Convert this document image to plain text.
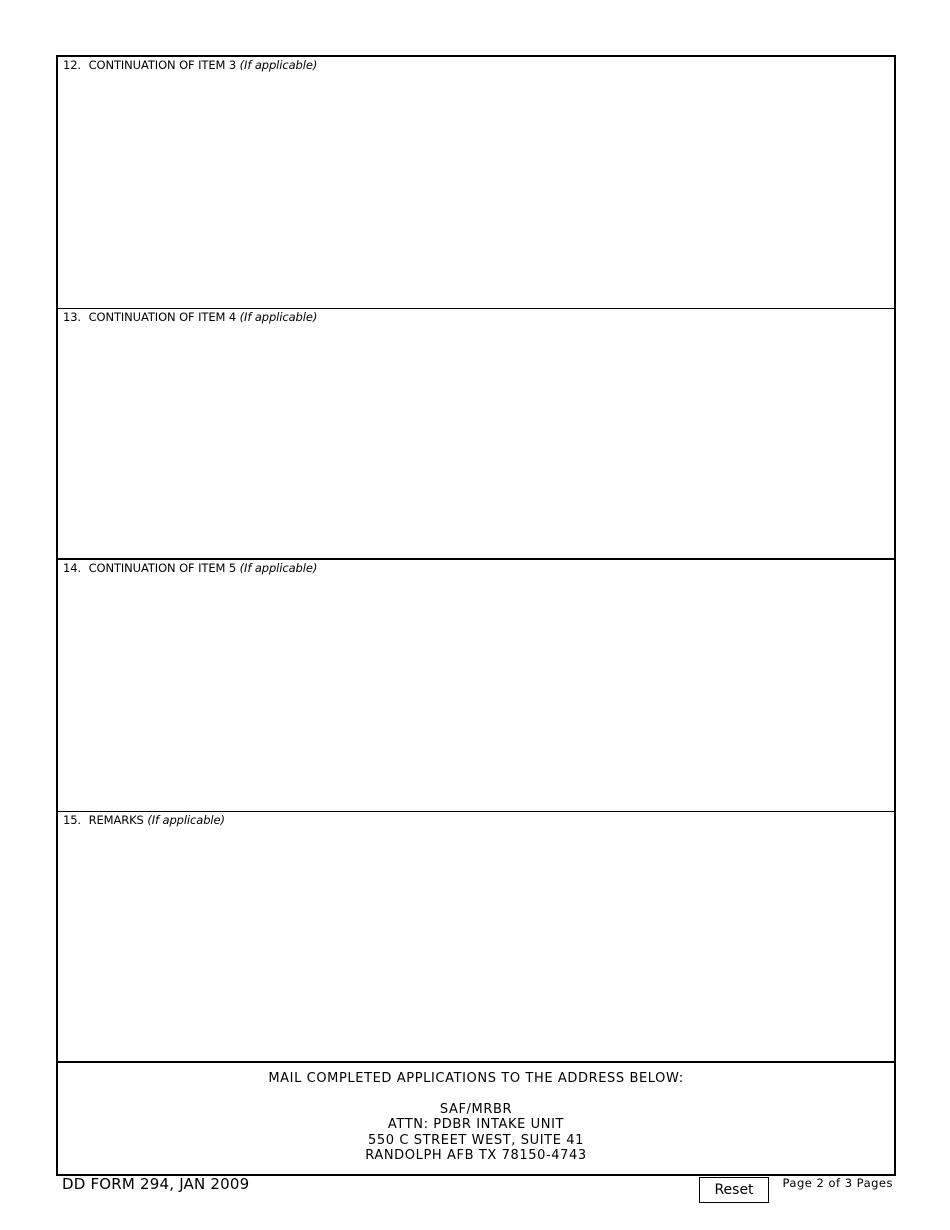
12. CONTINUATION OF ITEM 3 (If applicable)
13. CONTINUATION OF ITEM 4 (If applicable)
14. CONTINUATION OF ITEM 5 (If applicable)
15. REMARKS (If applicable)
MAIL COMPLETED APPLICATIONS TO THE ADDRESS BELOW:
SAF/MRBR
ATTN: PDBR INTAKE UNIT
550 C STREET WEST, SUITE 41
RANDOLPH AFB TX 78150-4743
DD FORM 294, JAN 2009	Reset	Page 2 of 3 Pages
